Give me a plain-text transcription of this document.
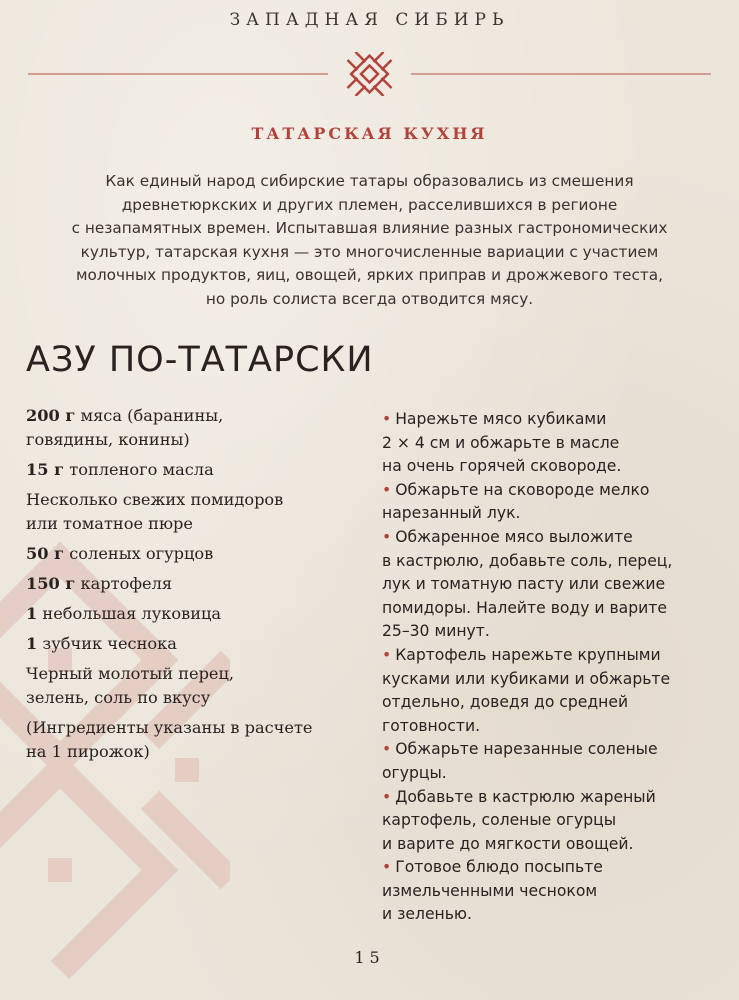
ЗАПАДНАЯ СИБИРЬ
ТАТАРСКАЯ КУХНЯ
Как единый народ сибирские татары образовались из смешения
древнетюркских и других племен, расселившихся в регионе
с незапамятных времен. Испытавшая влияние разных гастрономических
культур, татарская кухня — это многочисленные вариации с участием
молочных продуктов, яиц, овощей, ярких приправ и дрожжевого теста,
но роль солиста всегда отводится мясу.
АЗУ ПО-ТАТАРСКИ
200 г мяса (баранины,
говядины, конины)
15 г топленого масла
Несколько свежих помидоров
или томатное пюре
50 г соленых огурцов
150 г картофеля
1 небольшая луковица
1 зубчик чеснока
Черный молотый перец,
зелень, соль по вкусу
(Ингредиенты указаны в расчете
на 1 пирожок)
• Нарежьте мясо кубиками
2 × 4 см и обжарьте в масле
на очень горячей сковороде.
• Обжарьте на сковороде мелко
нарезанный лук.
• Обжаренное мясо выложите
в кастрюлю, добавьте соль, перец,
лук и томатную пасту или свежие
помидоры. Налейте воду и варите
25–30 минут.
• Картофель нарежьте крупными
кусками или кубиками и обжарьте
отдельно, доведя до средней
готовности.
• Обжарьте нарезанные соленые
огурцы.
• Добавьте в кастрюлю жареный
картофель, соленые огурцы
и варите до мягкости овощей.
• Готовое блюдо посыпьте
измельченными чесноком
и зеленью.
15
